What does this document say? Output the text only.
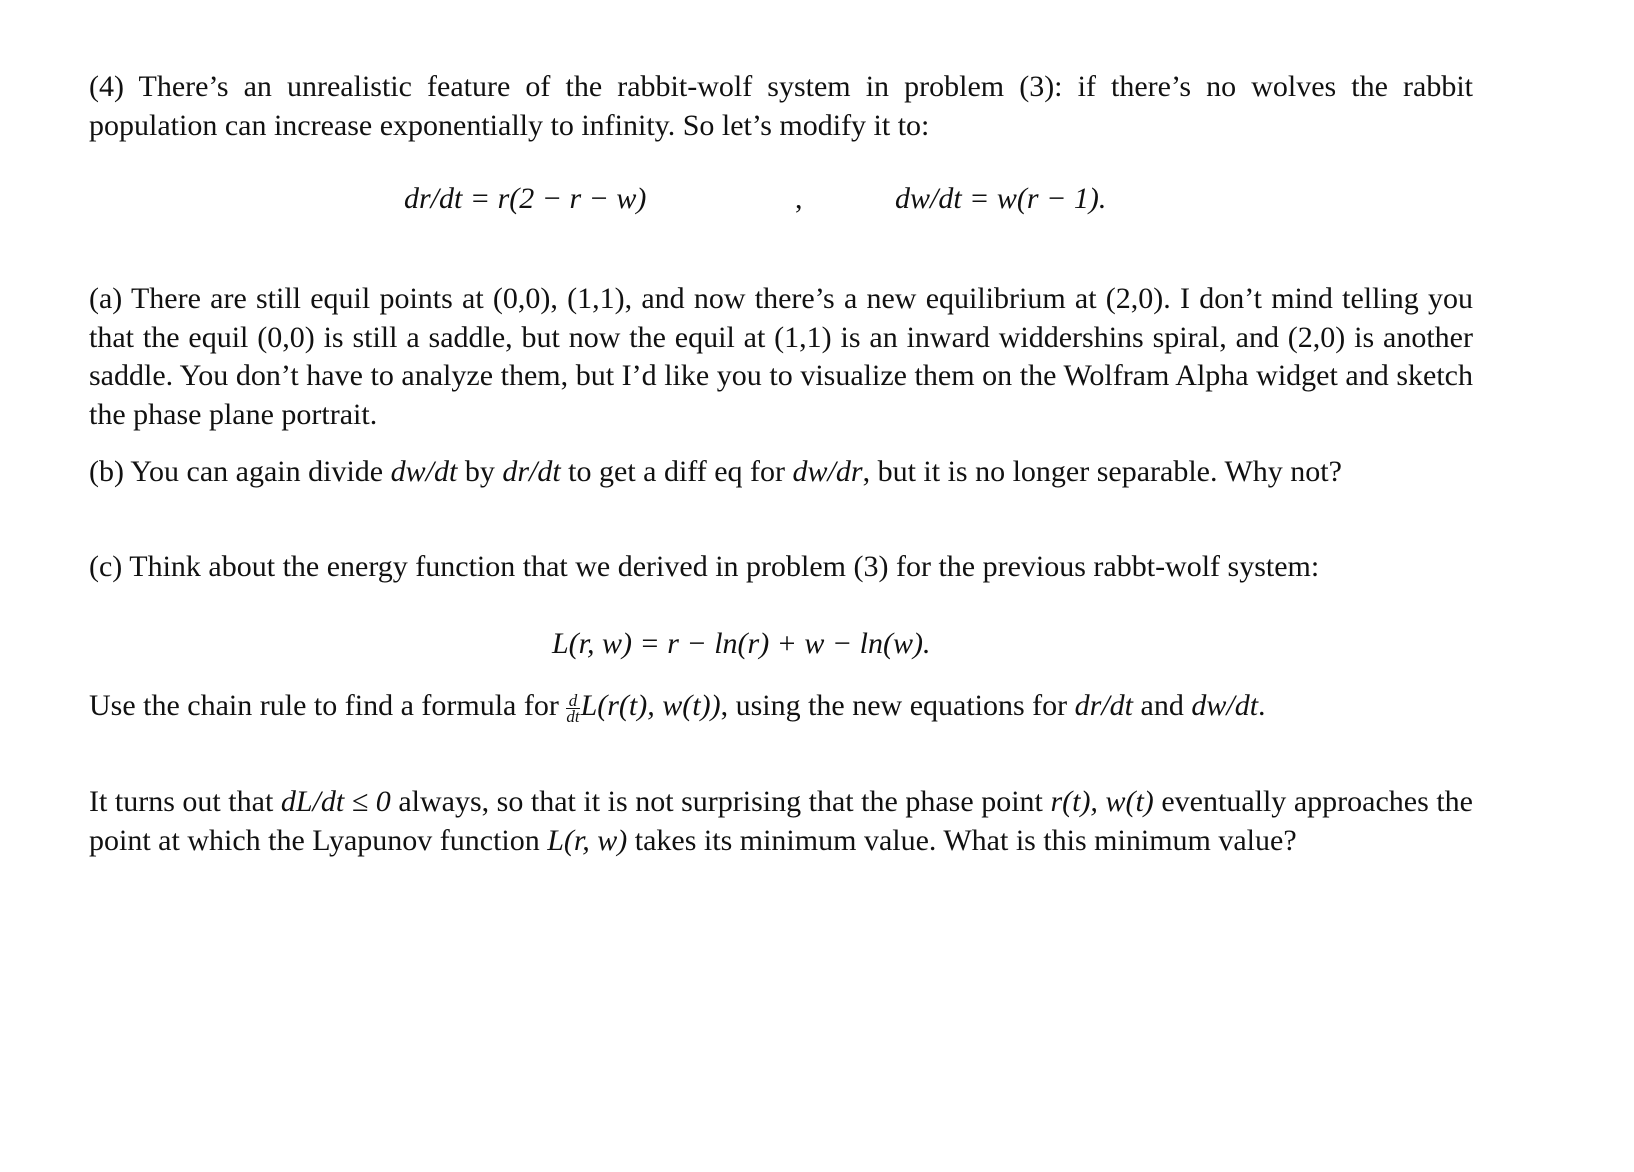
(4) There’s an unrealistic feature of the rabbit-wolf system in problem (3): if there’s no wolves the rabbit population can increase exponentially to infinity. So let’s modify it to:

dr/dt = r(2 − r − w)	,	dw/dt = w(r − 1).

(a) There are still equil points at (0,0), (1,1), and now there’s a new equilibrium at (2,0). I don’t mind telling you that the equil (0,0) is still a saddle, but now the equil at (1,1) is an inward widdershins spiral, and (2,0) is another saddle. You don’t have to analyze them, but I’d like you to visualize them on the Wolfram Alpha widget and sketch the phase plane portrait.

(b) You can again divide dw/dt by dr/dt to get a diff eq for dw/dr, but it is no longer separable. Why not?

(c) Think about the energy function that we derived in problem (3) for the previous rabbt-wolf system:

L(r, w) = r − ln(r) + w − ln(w).

Use the chain rule to find a formula for $\frac{d}{dt} L(r(t)$, w(t)), using the new equations for dr/dt and dw/dt.

It turns out that dL/dt ≤ 0 always, so that it is not surprising that the phase point r(t), w(t) eventually approaches the point at which the Lyapunov function L(r, w) takes its minimum value. What is this minimum value?
